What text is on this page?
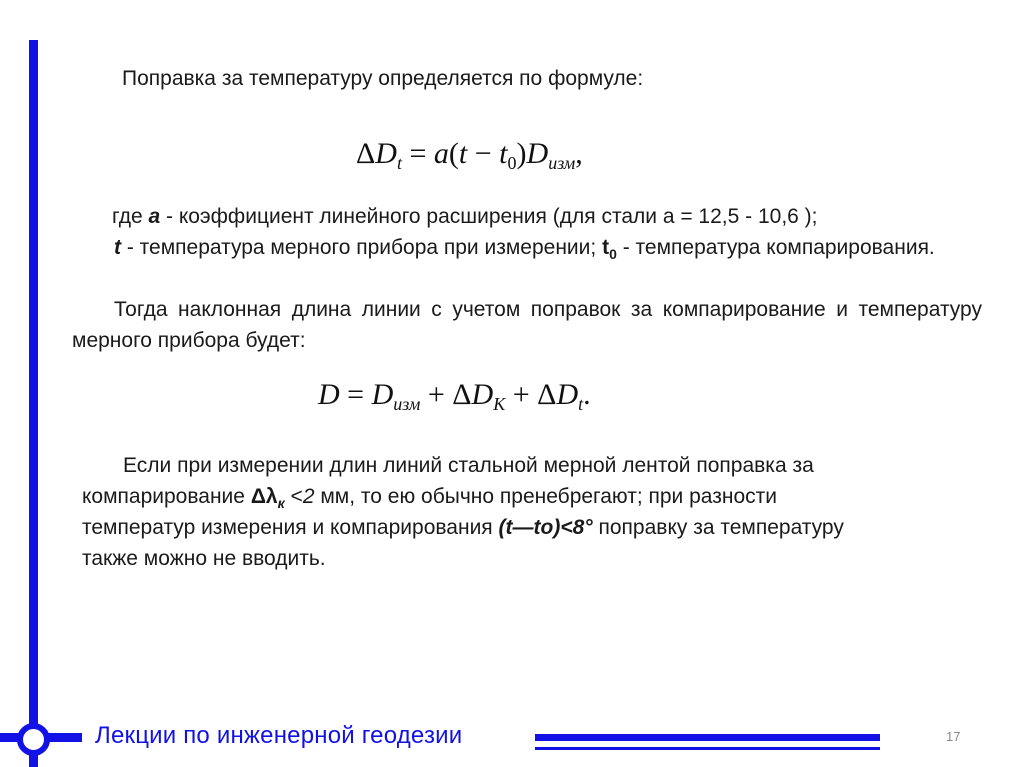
Поправка за температуру определяется по формуле:
$\Delta D_t = a(t - t_0)D_{изм}$,
где a - коэффициент линейного расширения (для стали a = 12,5 - 10,6 );
t - температура мерного прибора при измерении; $t_0$ - температура компарирования.
Тогда наклонная длина линии с учетом поправок за компарирование и температуру мерного прибора будет:
$D = D_{изм} + \Delta D_K + \Delta D_t$.
Если при измерении длин линий стальной мерной лентой поправка за
компарирование $\Delta\lambda_к <2$ мм, то ею обычно пренебрегают; при разности
температур измерения и компарирования (t—to)<8° поправку за температуру
также можно не вводить.
Лекции по инженерной геодезии	17
